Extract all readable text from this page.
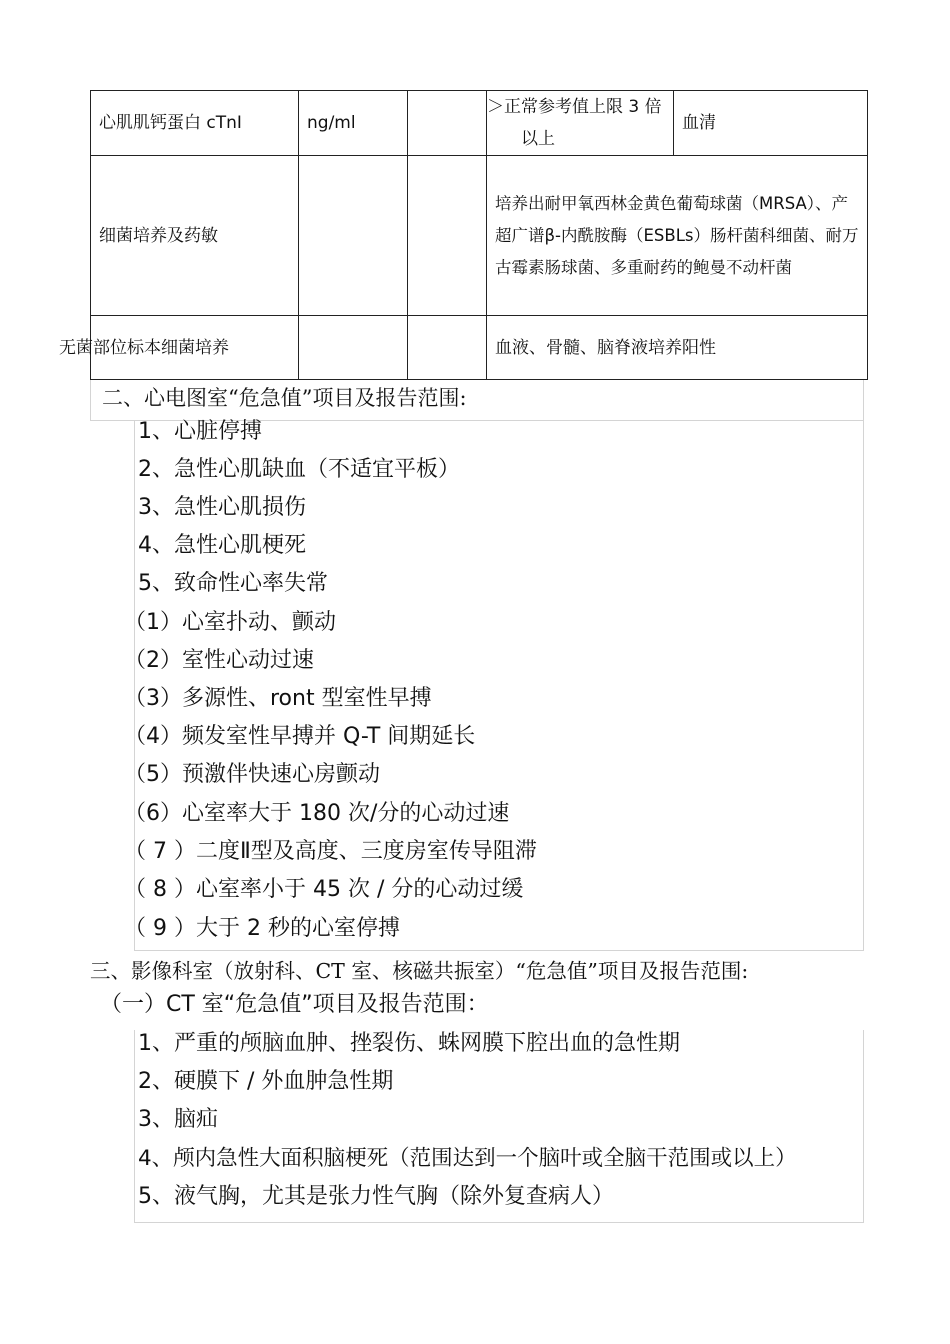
心肌肌钙蛋白 cTnI	ng/ml		＞正常参考值上限 3 倍以上	血清
细菌培养及药敏			培养出耐甲氧西林金黄色葡萄球菌（MRSA）、产
超广谱β-内酰胺酶（ESBLs）肠杆菌科细菌、耐万
古霉素肠球菌、多重耐药的鲍曼不动杆菌	

无菌部位标本细菌培养			血液、骨髓、脑脊液培养阳性	
二、心电图室“危急值”项目及报告范围:
1、心脏停搏
2、急性心肌缺血（不适宜平板）
3、急性心肌损伤
4、急性心肌梗死
5、致命性心率失常
（1）心室扑动、颤动
（2）室性心动过速
（3）多源性、ront 型室性早搏
（4）频发室性早搏并 Q-T 间期延长
（5）预激伴快速心房颤动
（6）心室率大于 180 次/分的心动过速
（ 7 ）二度Ⅱ型及高度、三度房室传导阻滞
（ 8 ）心室率小于 45 次 / 分的心动过缓
（ 9 ）大于 2 秒的心室停搏
三、影像科室（放射科、CT 室、核磁共振室）“危急值”项目及报告范围:
（一）CT 室“危急值”项目及报告范围：
1、严重的颅脑血肿、挫裂伤、蛛网膜下腔出血的急性期
2、硬膜下 / 外血肿急性期
3、脑疝
4、颅内急性大面积脑梗死（范围达到一个脑叶或全脑干范围或以上）
5、液气胸，尤其是张力性气胸（除外复查病人）
